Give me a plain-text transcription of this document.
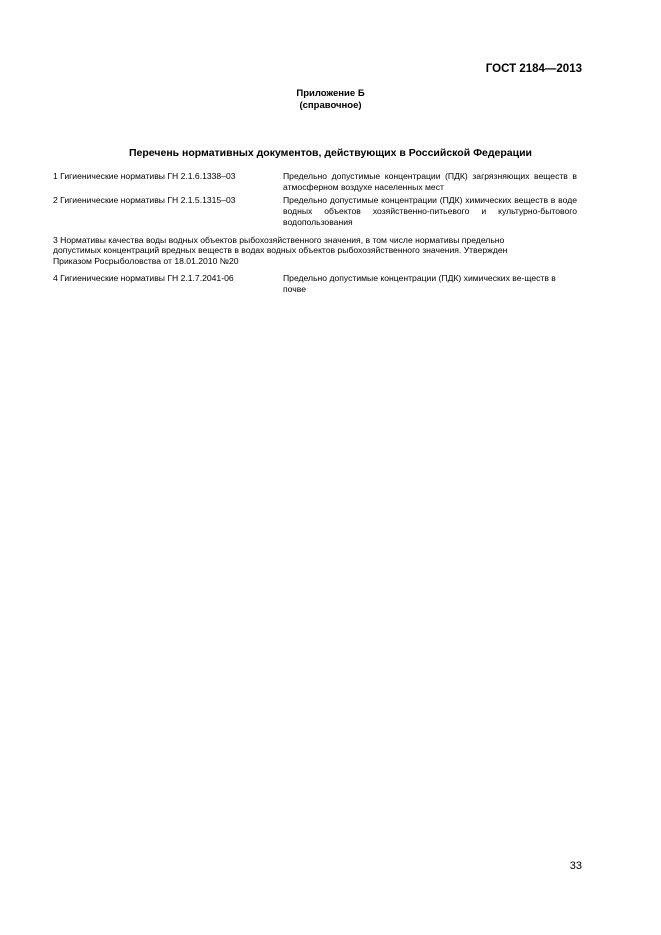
ГОСТ 2184—2013
Приложение Б
(справочное)
Перечень нормативных документов, действующих в Российской Федерации
1 Гигиенические нормативы ГН 2.1.6.1338–03	Предельно допустимые концентрации (ПДК) загрязняющих веществ в атмосферном воздухе населенных мест
2 Гигиенические нормативы ГН 2.1.5.1315–03	Предельно допустимые концентрации (ПДК) химических веществ в воде водных объектов хозяйственно-питьевого и культурно-бытового водопользования
3 Нормативы качества воды водных объектов рыбохозяйственного значения, в том числе нормативы предельно допустимых концентраций вредных веществ в водах водных объектов рыбохозяйственного значения. Утвержден Приказом Росрыболовства от 18.01.2010 №20
4 Гигиенические нормативы ГН 2.1.7.2041-06	Предельно допустимые концентрации (ПДК) химических ве-ществ в почве
33
